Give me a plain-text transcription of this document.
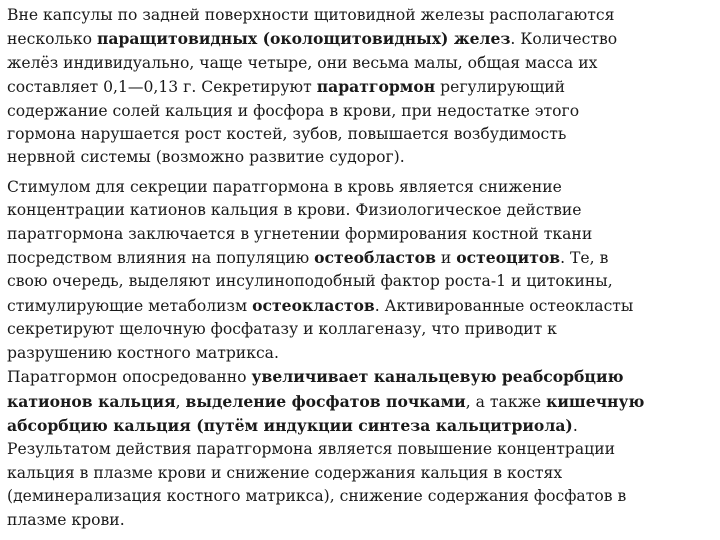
Вне капсулы по задней поверхности щитовидной железы располагаются
несколько паращитовидных (околощитовидных) желез. Количество
желёз индивидуально, чаще четыре, они весьма малы, общая масса их
составляет 0,1—0,13 г. Секретируют паратгормон регулирующий
содержание солей кальция и фосфора в крови, при недостатке этого
гормона нарушается рост костей, зубов, повышается возбудимость
нервной системы (возможно развитие судорог).

Стимулом для секреции паратгормона в кровь является снижение
концентрации катионов кальция в крови. Физиологическое действие
паратгормона заключается в угнетении формирования костной ткани
посредством влияния на популяцию остеобластов и остеоцитов. Те, в
свою очередь, выделяют инсулиноподобный фактор роста-1 и цитокины,
стимулирующие метаболизм остеокластов. Активированные остеокласты
секретируют щелочную фосфатазу и коллагеназу, что приводит к
разрушению костного матрикса.
Паратгормон опосредованно увеличивает канальцевую реабсорбцию
катионов кальция, выделение фосфатов почками, а также кишечную
абсорбцию кальция (путём индукции синтеза кальцитриола).
Результатом действия паратгормона является повышение концентрации
кальция в плазме крови и снижение содержания кальция в костях
(деминерализация костного матрикса), снижение содержания фосфатов в
плазме крови.
